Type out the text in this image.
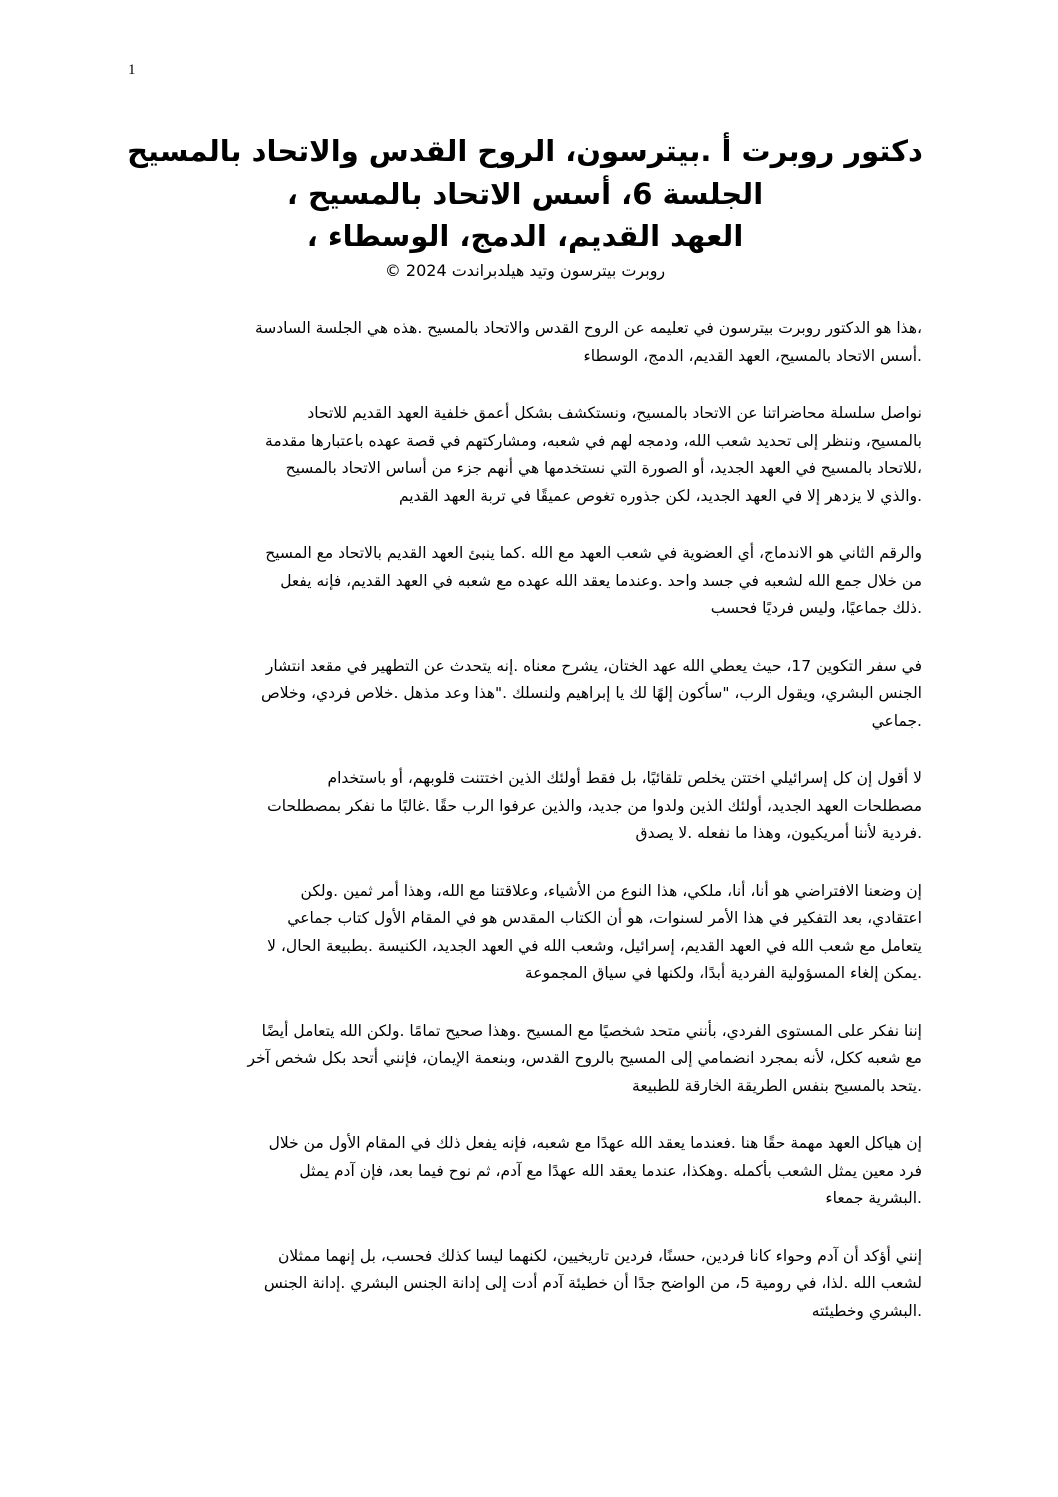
1
دكتور روبرت أ .بيترسون، الروح القدس والاتحاد بالمسيح
الجلسة 6، أسس الاتحاد بالمسيح ،
العهد القديم، الدمج، الوسطاء ،
روبرت بيترسون وتيد هيلدبراندت 2024 ©
،هذا هو الدكتور روبرت بيترسون في تعليمه عن الروح القدس والاتحاد بالمسيح .هذه هي الجلسة السادسة
.أسس الاتحاد بالمسيح، العهد القديم، الدمج، الوسطاء
نواصل سلسلة محاضراتنا عن الاتحاد بالمسيح، ونستكشف بشكل أعمق خلفية العهد القديم للاتحاد
بالمسيح، وننظر إلى تحديد شعب الله، ودمجه لهم في شعبه، ومشاركتهم في قصة عهده باعتبارها مقدمة
،للاتحاد بالمسيح في العهد الجديد، أو الصورة التي نستخدمها هي أنهم جزء من أساس الاتحاد بالمسيح
.والذي لا يزدهر إلا في العهد الجديد، لكن جذوره تغوص عميقًا في تربة العهد القديم
والرقم الثاني هو الاندماج، أي العضوية في شعب العهد مع الله .كما ينبئ العهد القديم بالاتحاد مع المسيح
من خلال جمع الله لشعبه في جسد واحد .وعندما يعقد الله عهده مع شعبه في العهد القديم، فإنه يفعل
.ذلك جماعيًا، وليس فرديًا فحسب
في سفر التكوين 17، حيث يعطي الله عهد الختان، يشرح معناه .إنه يتحدث عن التطهير في مقعد انتشار
الجنس البشري، ويقول الرب، "سأكون إلهًا لك يا إبراهيم ولنسلك ."هذا وعد مذهل .خلاص فردي، وخلاص
.جماعي
لا أقول إن كل إسرائيلي اختتن يخلص تلقائيًا، بل فقط أولئك الذين اختتنت قلوبهم، أو باستخدام
مصطلحات العهد الجديد، أولئك الذين ولدوا من جديد، والذين عرفوا الرب حقًا .غالبًا ما نفكر بمصطلحات
.فردية لأننا أمريكيون، وهذا ما نفعله .لا يصدق
إن وضعنا الافتراضي هو أنا، أنا، ملكي، هذا النوع من الأشياء، وعلاقتنا مع الله، وهذا أمر ثمين .ولكن
اعتقادي، بعد التفكير في هذا الأمر لسنوات، هو أن الكتاب المقدس هو في المقام الأول كتاب جماعي
يتعامل مع شعب الله في العهد القديم، إسرائيل، وشعب الله في العهد الجديد، الكنيسة .بطبيعة الحال، لا
.يمكن إلغاء المسؤولية الفردية أبدًا، ولكنها في سياق المجموعة
إننا نفكر على المستوى الفردي، بأنني متحد شخصيًا مع المسيح .وهذا صحيح تمامًا .ولكن الله يتعامل أيضًا
مع شعبه ككل، لأنه بمجرد انضمامي إلى المسيح بالروح القدس، وبنعمة الإيمان، فإنني أتحد بكل شخص آخر
.يتحد بالمسيح بنفس الطريقة الخارقة للطبيعة
إن هياكل العهد مهمة حقًا هنا .فعندما يعقد الله عهدًا مع شعبه، فإنه يفعل ذلك في المقام الأول من خلال
فرد معين يمثل الشعب بأكمله .وهكذا، عندما يعقد الله عهدًا مع آدم، ثم نوح فيما بعد، فإن آدم يمثل
.البشرية جمعاء
إنني أؤكد أن آدم وحواء كانا فردين، حسنًا، فردين تاريخيين، لكنهما ليسا كذلك فحسب، بل إنهما ممثلان
لشعب الله .لذا، في رومية 5، من الواضح جدًا أن خطيئة آدم أدت إلى إدانة الجنس البشري .إدانة الجنس
.البشري وخطيئته
